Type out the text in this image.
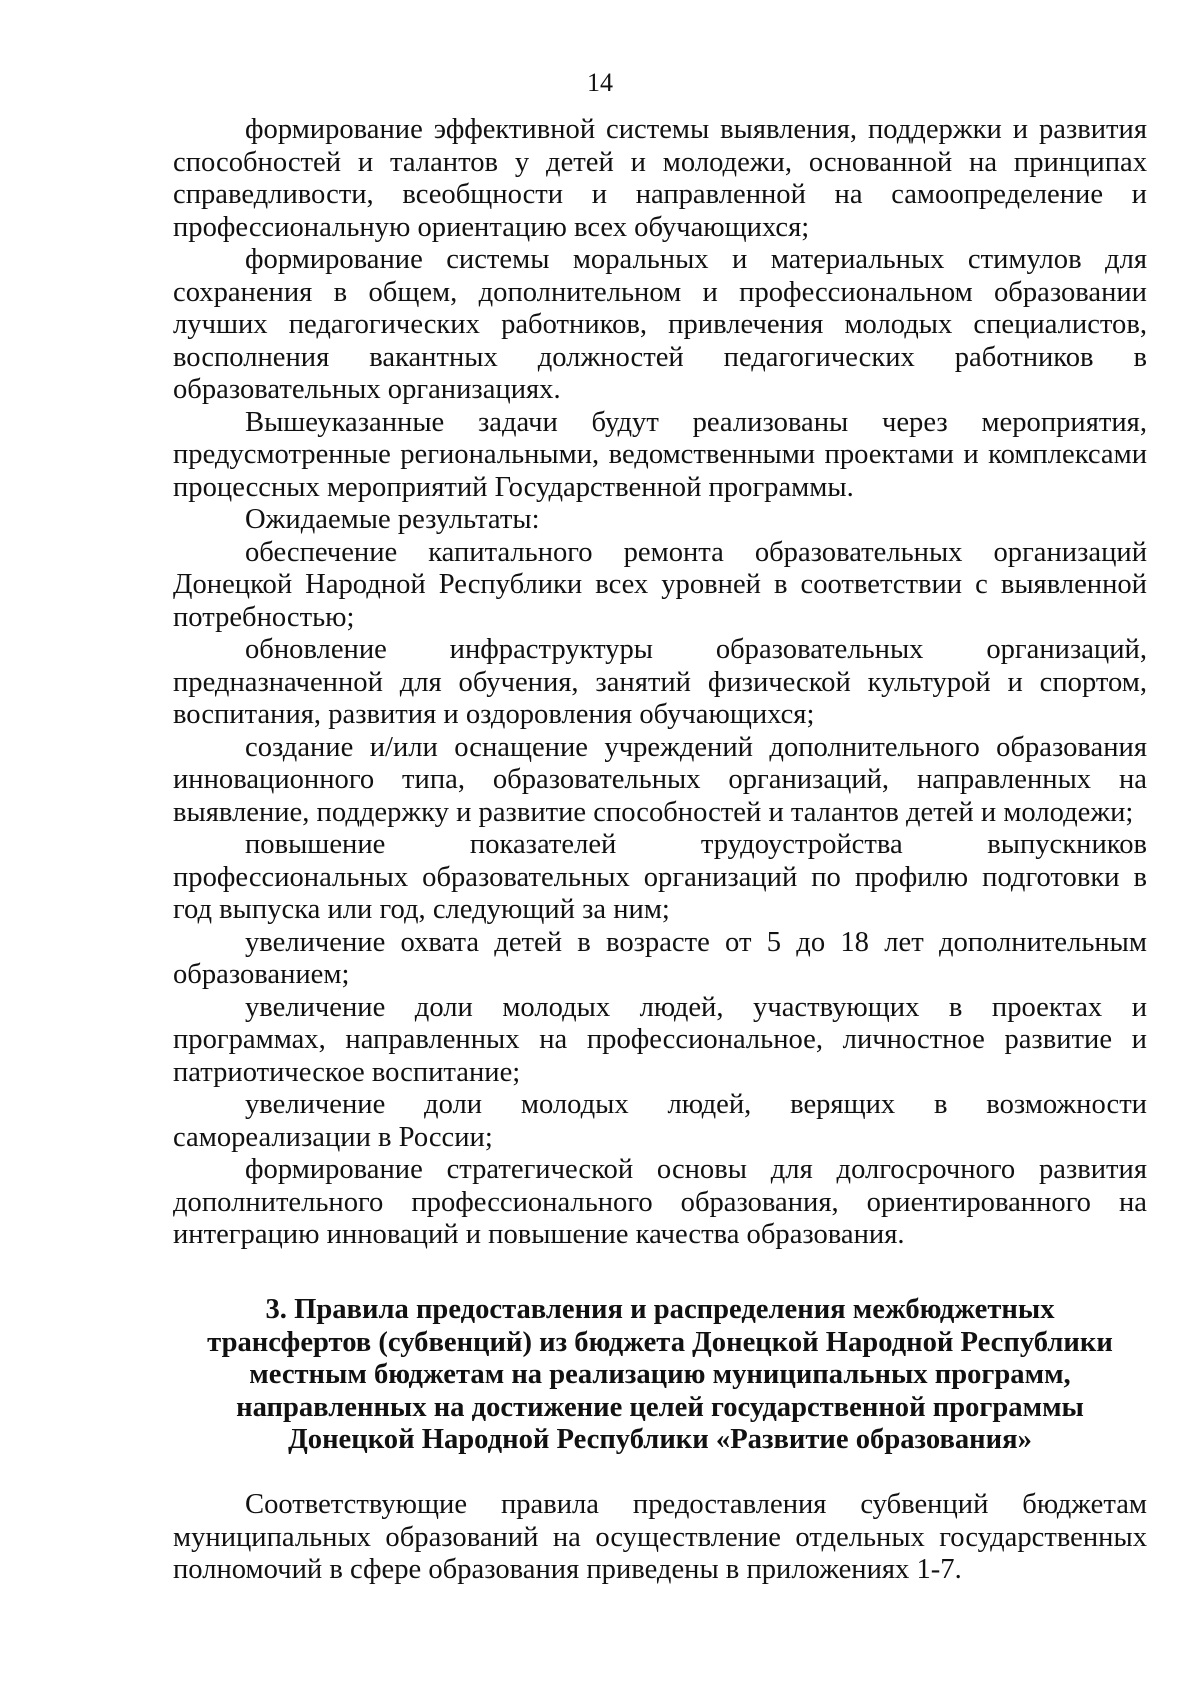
14

формирование эффективной системы выявления, поддержки и развития способностей и талантов у детей и молодежи, основанной на принципах справедливости, всеобщности и направленной на самоопределение и профессиональную ориентацию всех обучающихся;

формирование системы моральных и материальных стимулов для сохранения в общем, дополнительном и профессиональном образовании лучших педагогических работников, привлечения молодых специалистов, восполнения вакантных должностей педагогических работников в образовательных организациях.

Вышеуказанные задачи будут реализованы через мероприятия, предусмотренные региональными, ведомственными проектами и комплексами процессных мероприятий Государственной программы.

Ожидаемые результаты:

обеспечение капитального ремонта образовательных организаций Донецкой Народной Республики всех уровней в соответствии с выявленной потребностью;

обновление инфраструктуры образовательных организаций, предназначенной для обучения, занятий физической культурой и спортом, воспитания, развития и оздоровления обучающихся;

создание и/или оснащение учреждений дополнительного образования инновационного типа, образовательных организаций, направленных на выявление, поддержку и развитие способностей и талантов детей и молодежи;

повышение показателей трудоустройства выпускников профессиональных образовательных организаций по профилю подготовки в год выпуска или год, следующий за ним;

увеличение охвата детей в возрасте от 5 до 18 лет дополнительным образованием;

увеличение доли молодых людей, участвующих в проектах и программах, направленных на профессиональное, личностное развитие и патриотическое воспитание;

увеличение доли молодых людей, верящих в возможности самореализации в России;

формирование стратегической основы для долгосрочного развития дополнительного профессионального образования, ориентированного на интеграцию инноваций и повышение качества образования.

3. Правила предоставления и распределения межбюджетных
трансфертов (субвенций) из бюджета Донецкой Народной Республики
местным бюджетам на реализацию муниципальных программ,
направленных на достижение целей государственной программы
Донецкой Народной Республики «Развитие образования»

Соответствующие правила предоставления субвенций бюджетам муниципальных образований на осуществление отдельных государственных полномочий в сфере образования приведены в приложениях 1-7.
